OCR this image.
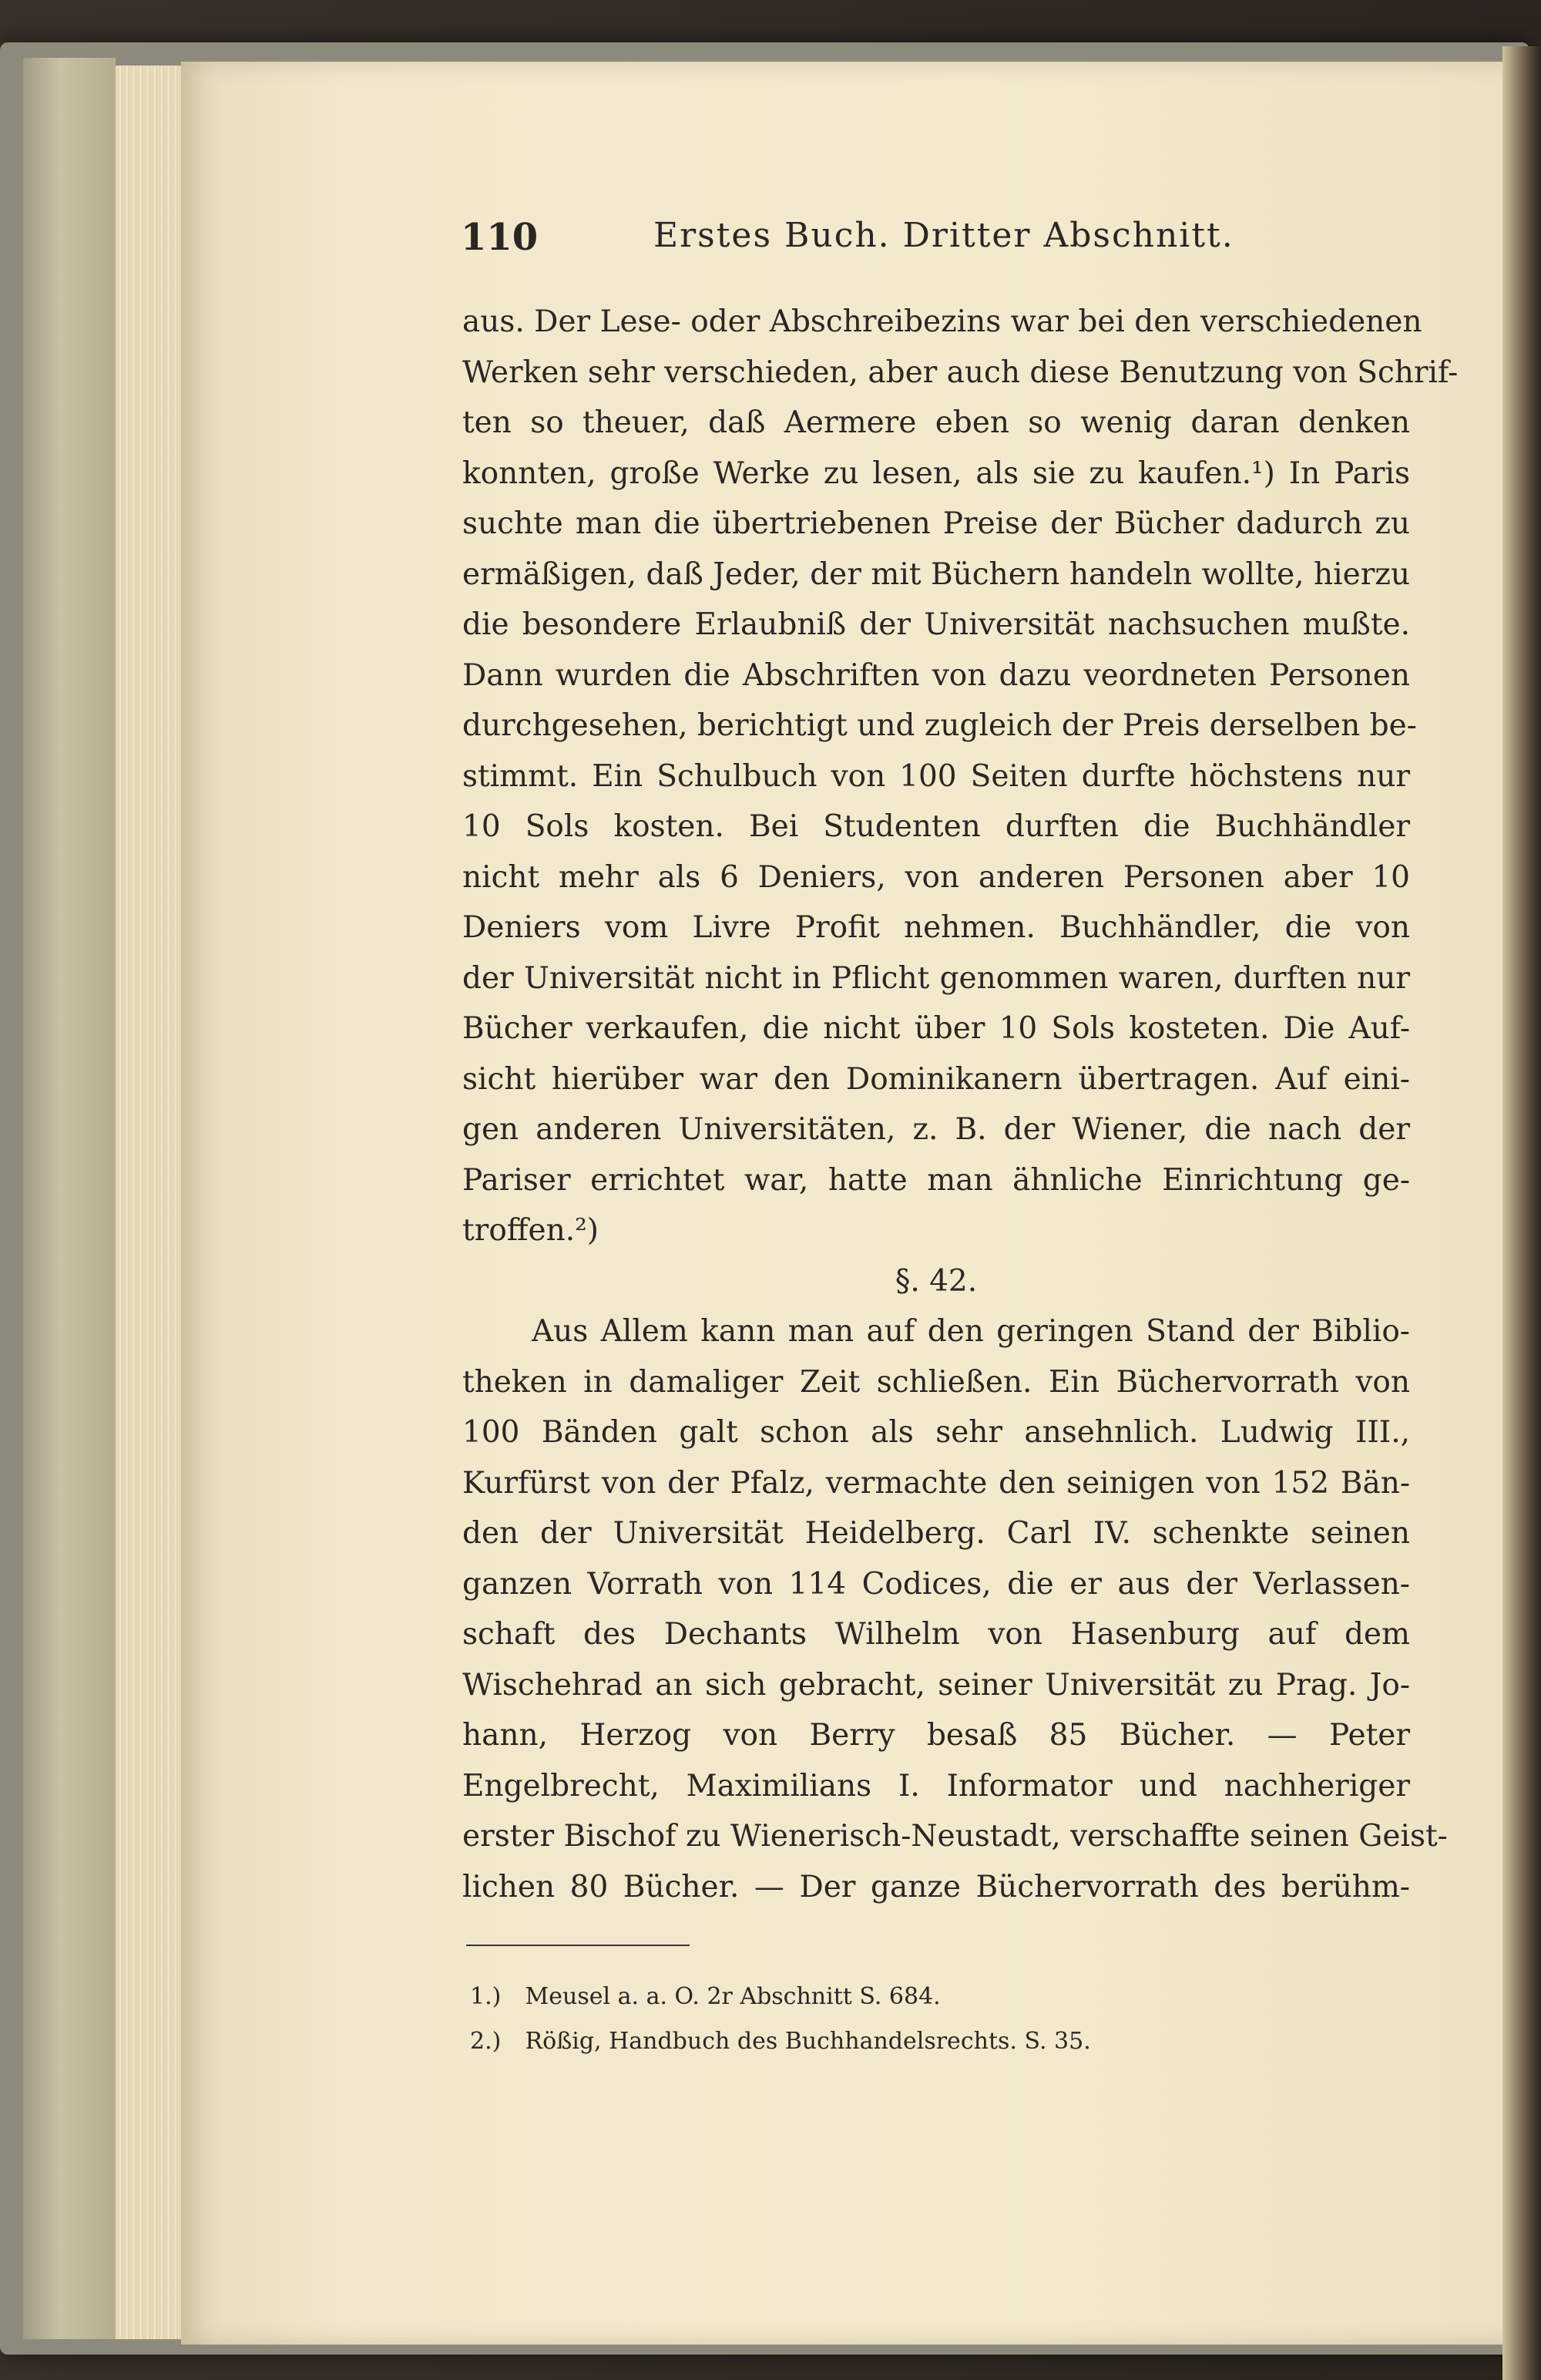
110	Erstes Buch. Dritter Abschnitt.
aus. Der Lese- oder Abschreibezins war bei den verschiedenen
Werken sehr verschieden, aber auch diese Benutzung von Schrif-
ten so theuer, daß Aermere eben so wenig daran denken
konnten, große Werke zu lesen, als sie zu kaufen.¹) In Paris
suchte man die übertriebenen Preise der Bücher dadurch zu
ermäßigen, daß Jeder, der mit Büchern handeln wollte, hierzu
die besondere Erlaubniß der Universität nachsuchen mußte.
Dann wurden die Abschriften von dazu veordneten Personen
durchgesehen, berichtigt und zugleich der Preis derselben be-
stimmt. Ein Schulbuch von 100 Seiten durfte höchstens nur
10 Sols kosten. Bei Studenten durften die Buchhändler
nicht mehr als 6 Deniers, von anderen Personen aber 10
Deniers vom Livre Profit nehmen. Buchhändler, die von
der Universität nicht in Pflicht genommen waren, durften nur
Bücher verkaufen, die nicht über 10 Sols kosteten. Die Auf-
sicht hierüber war den Dominikanern übertragen. Auf eini-
gen anderen Universitäten, z. B. der Wiener, die nach der
Pariser errichtet war, hatte man ähnliche Einrichtung ge-
troffen.²)
§. 42.
Aus Allem kann man auf den geringen Stand der Biblio-
theken in damaliger Zeit schließen. Ein Büchervorrath von
100 Bänden galt schon als sehr ansehnlich. Ludwig III.,
Kurfürst von der Pfalz, vermachte den seinigen von 152 Bän-
den der Universität Heidelberg. Carl IV. schenkte seinen
ganzen Vorrath von 114 Codices, die er aus der Verlassen-
schaft des Dechants Wilhelm von Hasenburg auf dem
Wischehrad an sich gebracht, seiner Universität zu Prag. Jo-
hann, Herzog von Berry besaß 85 Bücher. — Peter
Engelbrecht, Maximilians I. Informator und nachheriger
erster Bischof zu Wienerisch-Neustadt, verschaffte seinen Geist-
lichen 80 Bücher. — Der ganze Büchervorrath des berühm-
1.) Meusel a. a. O. 2r Abschnitt S. 684.
2.) Rößig, Handbuch des Buchhandelsrechts. S. 35.
